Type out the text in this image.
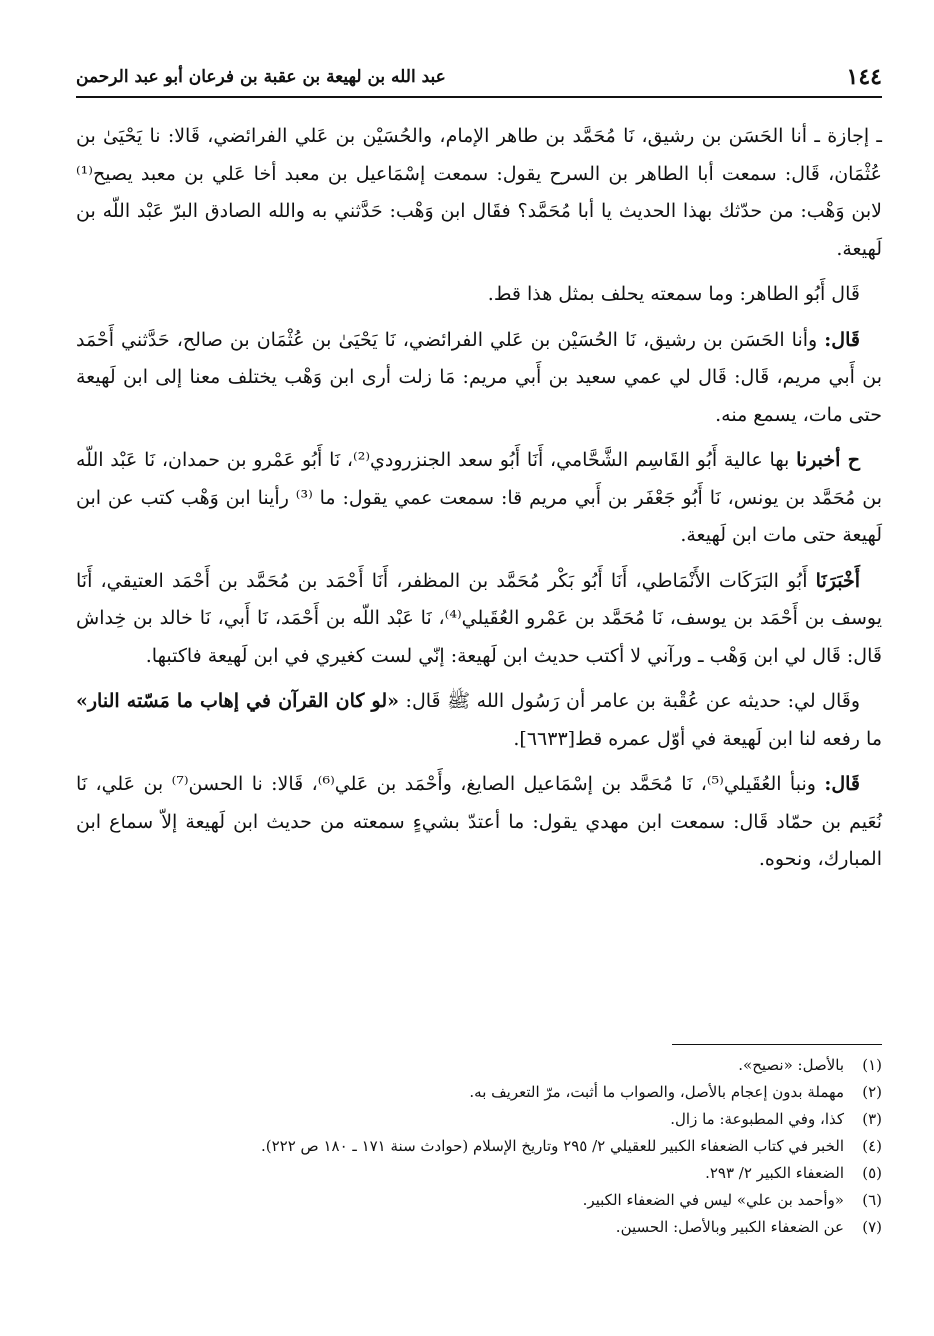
١٤٤
عبد الله بن لهيعة بن عقبة بن فرعان أبو عبد الرحمن

ـ إجازة ـ أنا الحَسَن بن رشيق، نَا مُحَمَّد بن طاهر الإمام، والحُسَيْن بن عَلي الفرائضي، قَالا: نا يَحْيَىٰ بن عُثْمَان، قَال: سمعت أبا الطاهر بن السرح يقول: سمعت إسْمَاعيل بن معبد أخا عَلي بن معبد يصيح⁽¹⁾ لابن وَهْب: من حدّثك بهذا الحديث يا أبا مُحَمَّد؟ فقَال ابن وَهْب: حَدَّثني به والله الصادق البرّ عَبْد اللّه بن لَهيعة.

قَال أَبُو الطاهر: وما سمعته يحلف بمثل هذا قط.

قَال: وأنا الحَسَن بن رشيق، نَا الحُسَيْن بن عَلي الفرائضي، نَا يَحْيَىٰ بن عُثْمَان بن صالح، حَدَّثني أَحْمَد بن أَبي مريم، قَال: قَال لي عمي سعيد بن أَبي مريم: مَا زلت أرى ابن وَهْب يختلف معنا إلى ابن لَهيعة حتى مات، يسمع منه.

ح أخبرنا بها عالية أَبُو القَاسِم الشَّحَّامي، أَنَا أَبُو سعد الجنزرودي⁽²⁾، نَا أَبُو عَمْرو بن حمدان، نَا عَبْد اللّه بن مُحَمَّد بن يونس، نَا أَبُو جَعْفَر بن أَبي مريم قا: سمعت عمي يقول: ما ⁽³⁾ رأينا ابن وَهْب كتب عن ابن لَهيعة حتى مات ابن لَهيعة.

أَخْبَرَنَا أَبُو البَرَكَات الأَنْمَاطي، أَنَا أَبُو بَكْر مُحَمَّد بن المظفر، أَنَا أَحْمَد بن مُحَمَّد بن أَحْمَد العتيقي، أَنَا يوسف بن أَحْمَد بن يوسف، نَا مُحَمَّد بن عَمْرو العُقَيلي⁽⁴⁾، نَا عَبْد اللّه بن أَحْمَد، نَا أَبي، نَا خالد بن خِداش قَال: قَال لي ابن وَهْب ـ ورآني لا أكتب حديث ابن لَهيعة: إنّي لست كغيري في ابن لَهيعة فاكتبها.

وقَال لي: حديثه عن عُقْبة بن عامر أن رَسُول الله ﷺ قَال: «لو كان القرآن في إهاب ما مَسّته النار» ما رفعه لنا ابن لَهيعة في أوّل عمره قط[٦٦٣٣].

قَال: ونبأ العُقَيلي⁽⁵⁾، نَا مُحَمَّد بن إسْمَاعيل الصايغ، وأَحْمَد بن عَلي⁽⁶⁾، قَالا: نا الحسن⁽⁷⁾ بن عَلي، نَا نُعَيم بن حمّاد قَال: سمعت ابن مهدي يقول: ما أعتدّ بشيءٍ سمعته من حديث ابن لَهيعة إلاّ سماع ابن المبارك، ونحوه.

(١)
بالأصل: «نصيح».
(٢)
مهملة بدون إعجام بالأصل، والصواب ما أثبت، مرّ التعريف به.
(٣)
كذا، وفي المطبوعة: ما زال.
(٤)
الخبر في كتاب الضعفاء الكبير للعقيلي ٢/ ٢٩٥ وتاريخ الإسلام (حوادث سنة ١٧١ ـ ١٨٠ ص ٢٢٢).
(٥)
الضعفاء الكبير ٢/ ٢٩٣.
(٦)
«وأحمد بن علي» ليس في الضعفاء الكبير.
(٧)
عن الضعفاء الكبير وبالأصل: الحسين.
